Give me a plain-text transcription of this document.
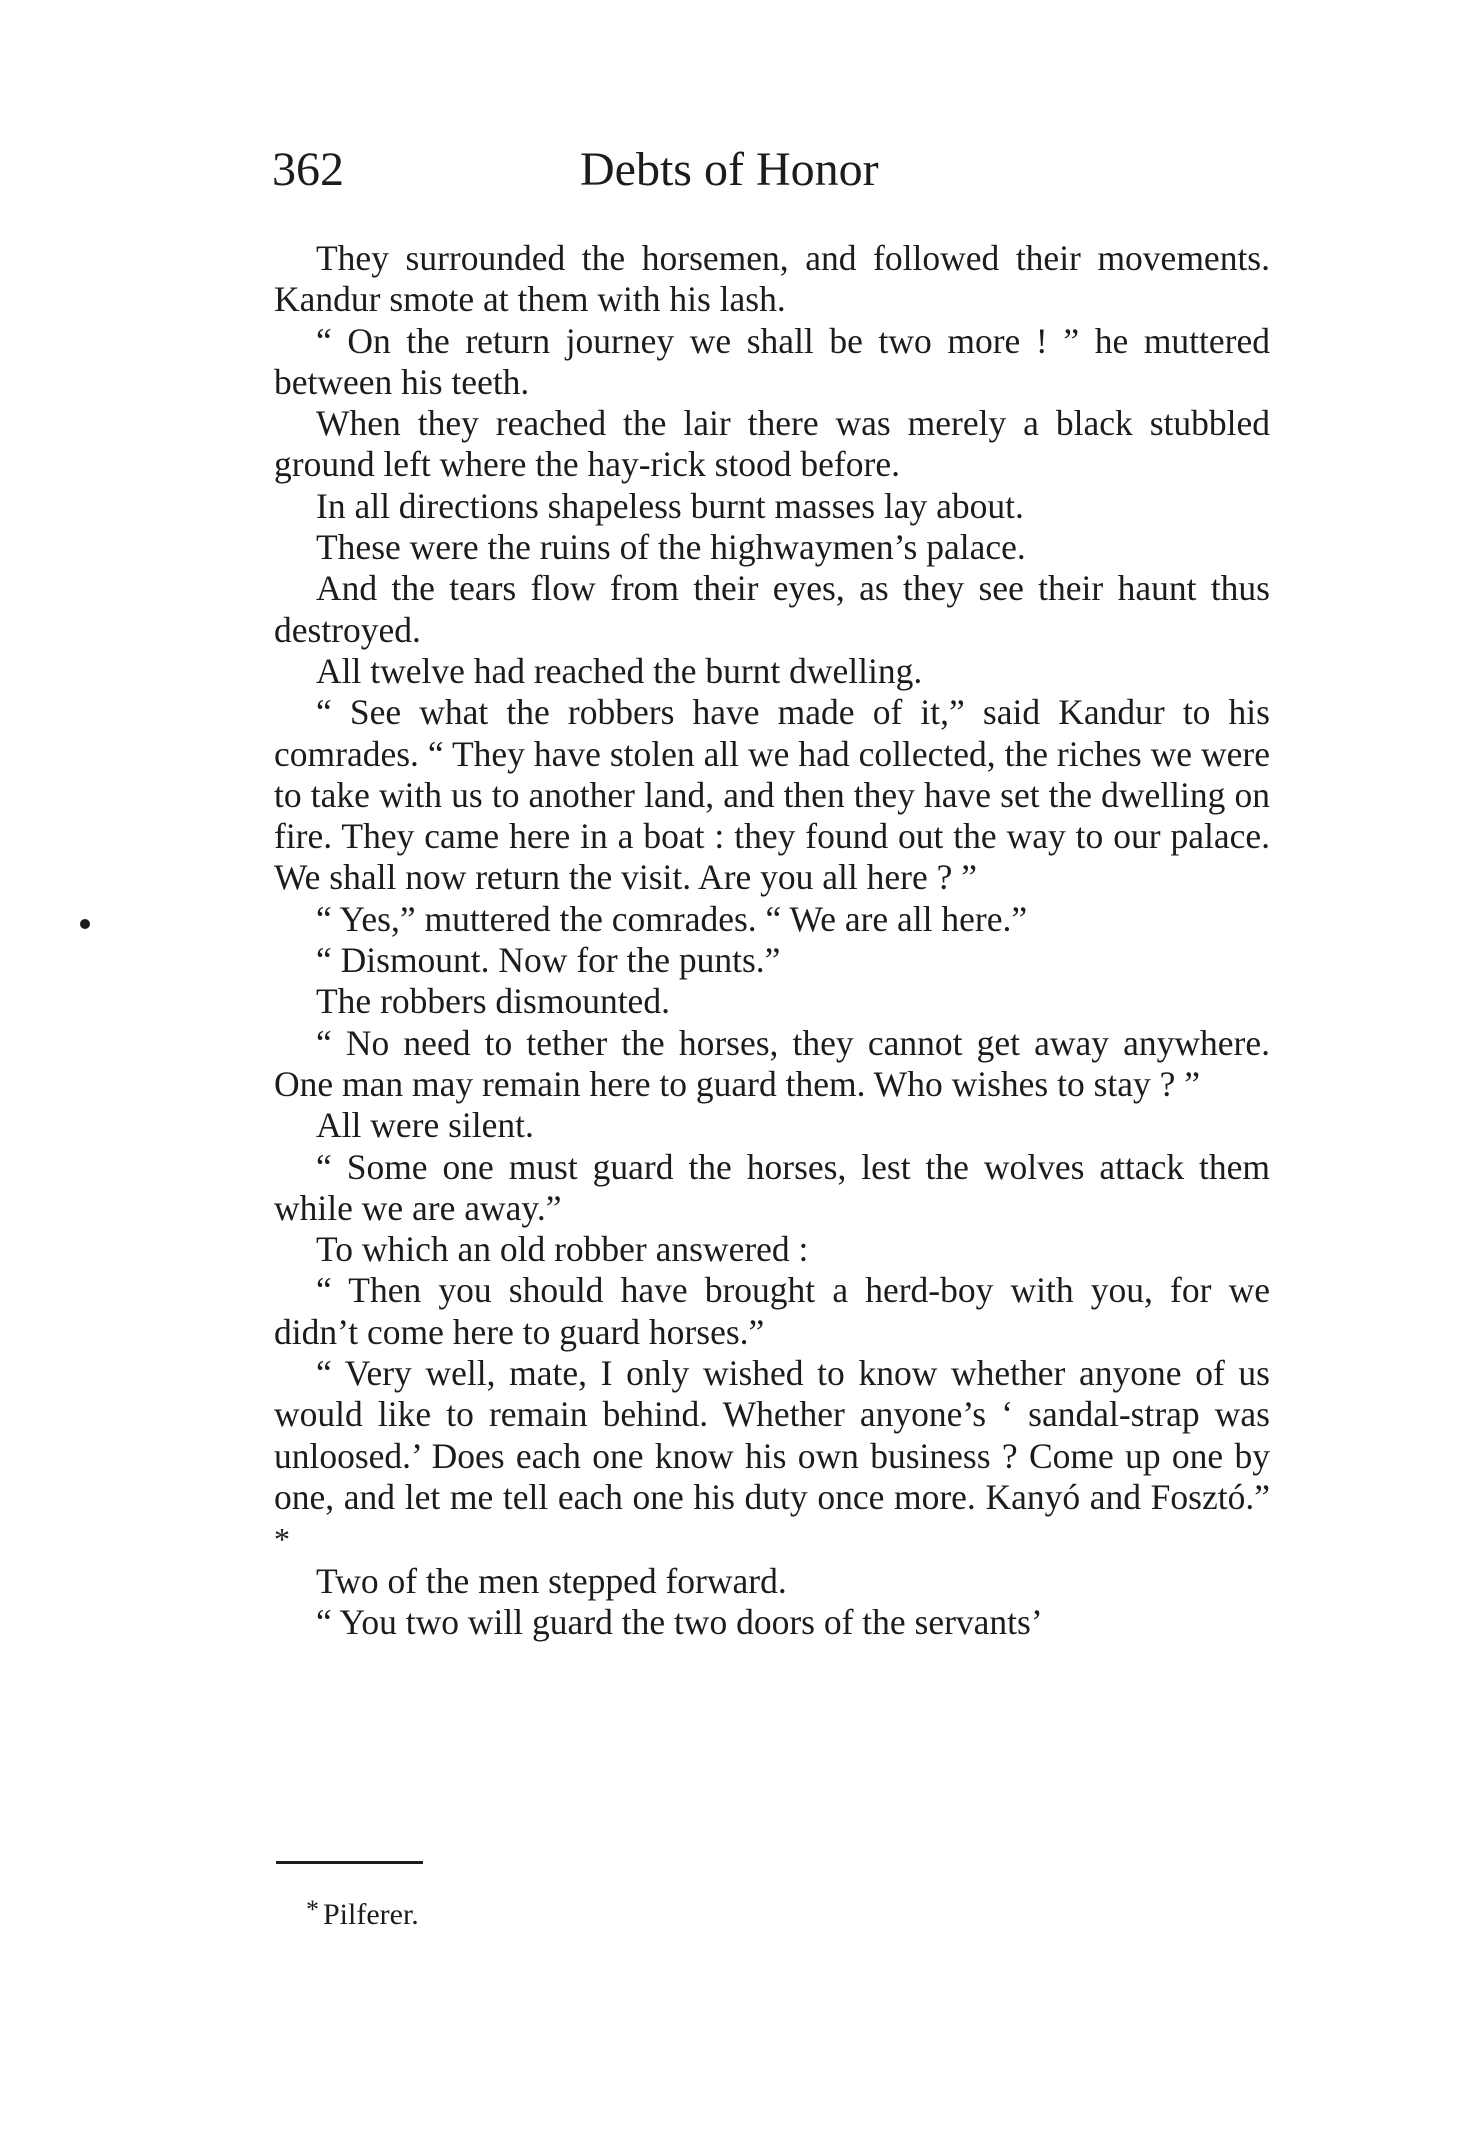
362	Debts of Honor

They surrounded the horsemen, and followed their movements. Kandur smote at them with his lash.

“ On the return journey we shall be two more ! ” he muttered between his teeth.

When they reached the lair there was merely a black stubbled ground left where the hay-rick stood before.

In all directions shapeless burnt masses lay about.

These were the ruins of the highwaymen’s palace.

And the tears flow from their eyes, as they see their haunt thus destroyed.

All twelve had reached the burnt dwelling.

“ See what the robbers have made of it,” said Kandur to his comrades. “ They have stolen all we had collected, the riches we were to take with us to another land, and then they have set the dwelling on fire. They came here in a boat : they found out the way to our palace. We shall now return the visit. Are you all here ? ”

“ Yes,” muttered the comrades. “ We are all here.”

“ Dismount. Now for the punts.”

The robbers dismounted.

“ No need to tether the horses, they cannot get away anywhere. One man may remain here to guard them. Who wishes to stay ? ”

All were silent.

“ Some one must guard the horses, lest the wolves attack them while we are away.”

To which an old robber answered :

“ Then you should have brought a herd-boy with you, for we didn’t come here to guard horses.”

“ Very well, mate, I only wished to know whether anyone of us would like to remain behind. Whether anyone’s ‘ sandal-strap was unloosed.’ Does each one know his own business ? Come up one by one, and let me tell each one his duty once more. Kanyó and Fosztó.” *

Two of the men stepped forward.

“ You two will guard the two doors of the servants’

* Pilferer.
